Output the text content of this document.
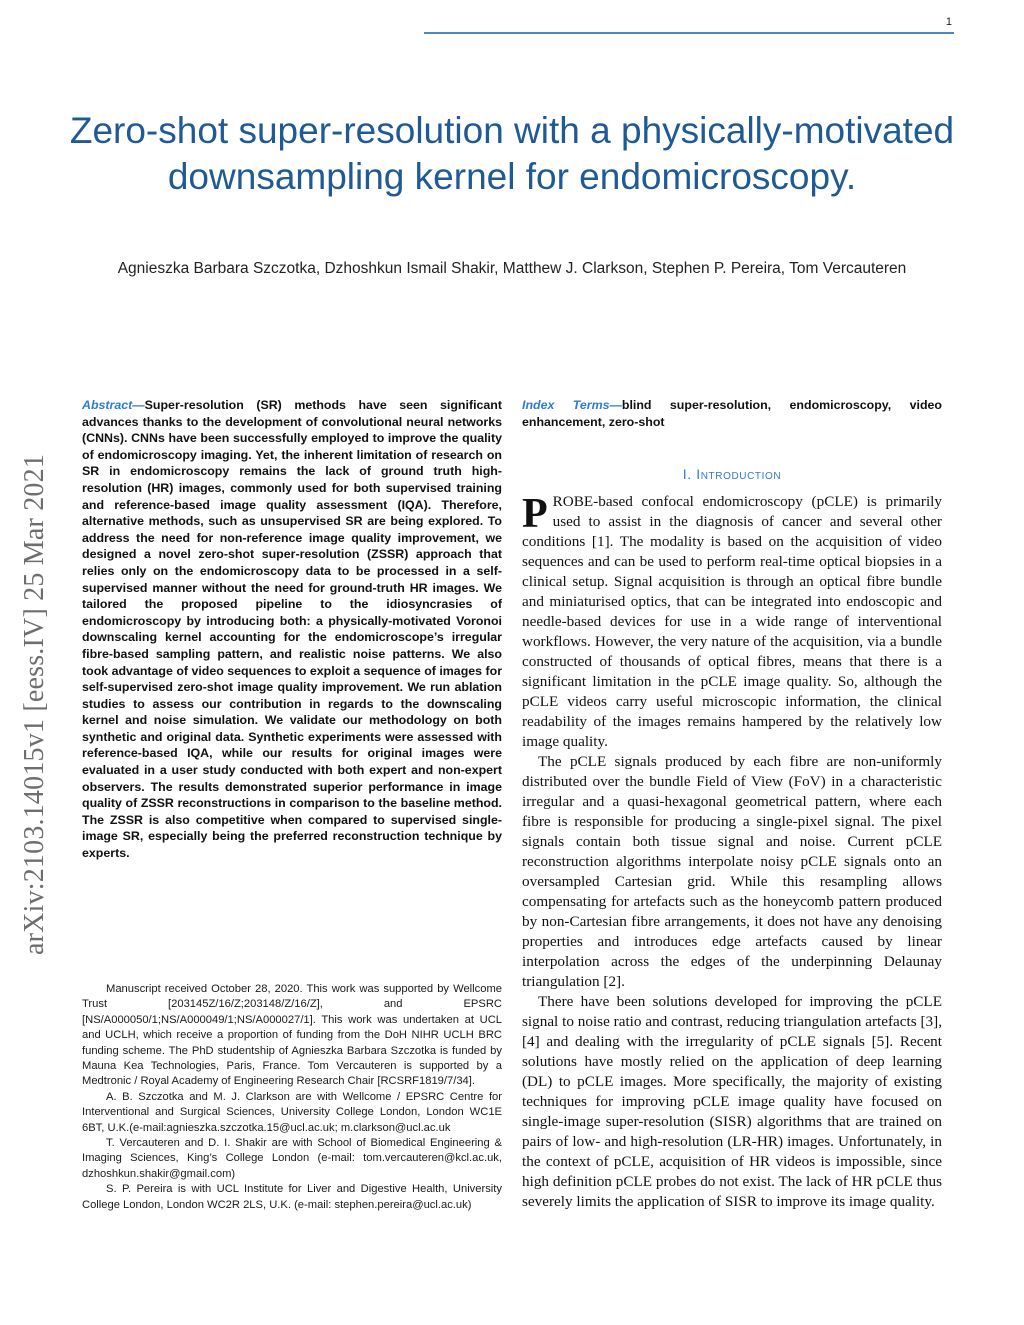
1
Zero-shot super-resolution with a physically-motivated downsampling kernel for endomicroscopy.
Agnieszka Barbara Szczotka, Dzhoshkun Ismail Shakir, Matthew J. Clarkson, Stephen P. Pereira, Tom Vercauteren
arXiv:2103.14015v1 [eess.IV] 25 Mar 2021
Abstract—Super-resolution (SR) methods have seen significant advances thanks to the development of convolutional neural networks (CNNs). CNNs have been successfully employed to improve the quality of endomicroscopy imaging. Yet, the inherent limitation of research on SR in endomicroscopy remains the lack of ground truth high-resolution (HR) images, commonly used for both supervised training and reference-based image quality assessment (IQA). Therefore, alternative methods, such as unsupervised SR are being explored. To address the need for non-reference image quality improvement, we designed a novel zero-shot super-resolution (ZSSR) approach that relies only on the endomicroscopy data to be processed in a self-supervised manner without the need for ground-truth HR images. We tailored the proposed pipeline to the idiosyncrasies of endomicroscopy by introducing both: a physically-motivated Voronoi downscaling kernel accounting for the endomicroscope’s irregular fibre-based sampling pattern, and realistic noise patterns. We also took advantage of video sequences to exploit a sequence of images for self-supervised zero-shot image quality improvement. We run ablation studies to assess our contribution in regards to the downscaling kernel and noise simulation. We validate our methodology on both synthetic and original data. Synthetic experiments were assessed with reference-based IQA, while our results for original images were evaluated in a user study conducted with both expert and non-expert observers. The results demonstrated superior performance in image quality of ZSSR reconstructions in comparison to the baseline method. The ZSSR is also competitive when compared to supervised single-image SR, especially being the preferred reconstruction technique by experts.

Manuscript received October 28, 2020. This work was supported by Wellcome Trust [203145Z/16/Z;203148/Z/16/Z], and EPSRC [NS/A000050/1;NS/A000049/1;NS/A000027/1]. This work was undertaken at UCL and UCLH, which receive a proportion of funding from the DoH NIHR UCLH BRC funding scheme. The PhD studentship of Agnieszka Barbara Szczotka is funded by Mauna Kea Technologies, Paris, France. Tom Vercauteren is supported by a Medtronic / Royal Academy of Engineering Research Chair [RCSRF1819/7/34].

A. B. Szczotka and M. J. Clarkson are with Wellcome / EPSRC Centre for Interventional and Surgical Sciences, University College London, London WC1E 6BT, U.K.(e-mail:agnieszka.szczotka.15@ucl.ac.uk; m.clarkson@ucl.ac.uk

T. Vercauteren and D. I. Shakir are with School of Biomedical Engineering & Imaging Sciences, King’s College London (e-mail: tom.vercauteren@kcl.ac.uk, dzhoshkun.shakir@gmail.com)

S. P. Pereira is with UCL Institute for Liver and Digestive Health, University College London, London WC2R 2LS, U.K. (e-mail: stephen.pereira@ucl.ac.uk)

Index Terms—blind super-resolution, endomicroscopy, video enhancement, zero-shot
I. Introduction

PROBE-based confocal endomicroscopy (pCLE) is primarily used to assist in the diagnosis of cancer and several other conditions [1]. The modality is based on the acquisition of video sequences and can be used to perform real-time optical biopsies in a clinical setup. Signal acquisition is through an optical fibre bundle and miniaturised optics, that can be integrated into endoscopic and needle-based devices for use in a wide range of interventional workflows. However, the very nature of the acquisition, via a bundle constructed of thousands of optical fibres, means that there is a significant limitation in the pCLE image quality. So, although the pCLE videos carry useful microscopic information, the clinical readability of the images remains hampered by the relatively low image quality.

The pCLE signals produced by each fibre are non-uniformly distributed over the bundle Field of View (FoV) in a characteristic irregular and a quasi-hexagonal geometrical pattern, where each fibre is responsible for producing a single-pixel signal. The pixel signals contain both tissue signal and noise. Current pCLE reconstruction algorithms interpolate noisy pCLE signals onto an oversampled Cartesian grid. While this resampling allows compensating for artefacts such as the honeycomb pattern produced by non-Cartesian fibre arrangements, it does not have any denoising properties and introduces edge artefacts caused by linear interpolation across the edges of the underpinning Delaunay triangulation [2].

There have been solutions developed for improving the pCLE signal to noise ratio and contrast, reducing triangulation artefacts [3], [4] and dealing with the irregularity of pCLE signals [5]. Recent solutions have mostly relied on the application of deep learning (DL) to pCLE images. More specifically, the majority of existing techniques for improving pCLE image quality have focused on single-image super-resolution (SISR) algorithms that are trained on pairs of low- and high-resolution (LR-HR) images. Unfortunately, in the context of pCLE, acquisition of HR videos is impossible, since high definition pCLE probes do not exist. The lack of HR pCLE thus severely limits the application of SISR to improve its image quality.
